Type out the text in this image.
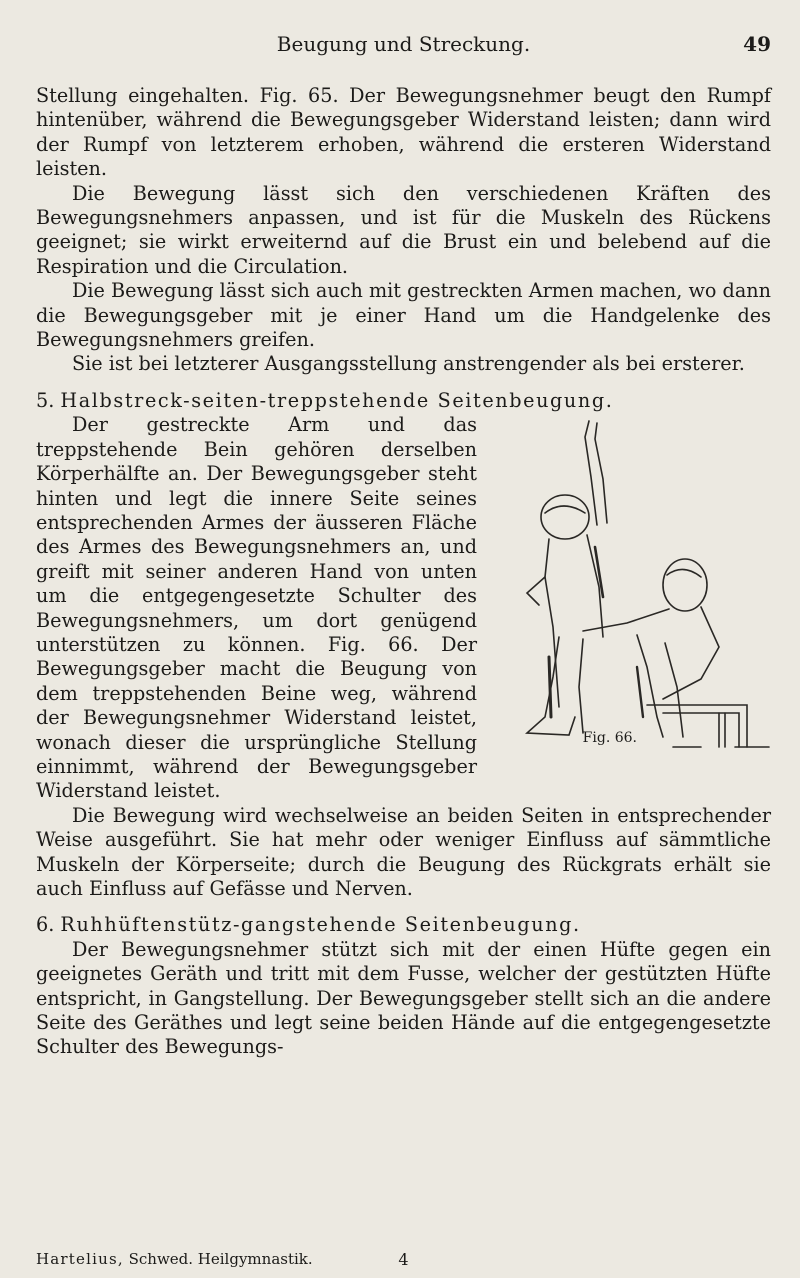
Beugung und Streckung.	49

Stellung eingehalten. Fig. 65. Der Bewegungsnehmer beugt den Rumpf hintenüber, während die Bewegungsgeber Widerstand leisten; dann wird der Rumpf von letzterem erhoben, während die ersteren Widerstand leisten.

Die Bewegung lässt sich den verschiedenen Kräften des Bewegungsnehmers anpassen, und ist für die Muskeln des Rückens geeignet; sie wirkt erweiternd auf die Brust ein und belebend auf die Respiration und die Circulation.

Die Bewegung lässt sich auch mit gestreckten Armen machen, wo dann die Bewegungsgeber mit je einer Hand um die Handgelenke des Bewegungsnehmers greifen.

Sie ist bei letzterer Ausgangsstellung anstrengender als bei ersterer.

5. Halbstreck-seiten-treppstehende Seitenbeugung.

Fig. 66.

Der gestreckte Arm und das treppstehende Bein gehören derselben Körperhälfte an. Der Bewegungsgeber steht hinten und legt die innere Seite seines entsprechenden Armes der äusseren Fläche des Armes des Bewegungsnehmers an, und greift mit seiner anderen Hand von unten um die entgegengesetzte Schulter des Bewegungsnehmers, um dort genügend unterstützen zu können. Fig. 66. Der Bewegungsgeber macht die Beugung von dem treppstehenden Beine weg, während der Bewegungsnehmer Widerstand leistet, wonach dieser die ursprüngliche Stellung einnimmt, während der Bewegungsgeber Widerstand leistet.

Die Bewegung wird wechselweise an beiden Seiten in entsprechender Weise ausgeführt. Sie hat mehr oder weniger Einfluss auf sämmtliche Muskeln der Körperseite; durch die Beugung des Rückgrats erhält sie auch Einfluss auf Gefässe und Nerven.

6. Ruhhüftenstütz-gangstehende Seitenbeugung.

Der Bewegungsnehmer stützt sich mit der einen Hüfte gegen ein geeignetes Geräth und tritt mit dem Fusse, welcher der gestützten Hüfte entspricht, in Gangstellung. Der Bewegungsgeber stellt sich an die andere Seite des Geräthes und legt seine beiden Hände auf die entgegengesetzte Schulter des Bewegungs-

Hartelius, Schwed. Heilgymnastik.	4
